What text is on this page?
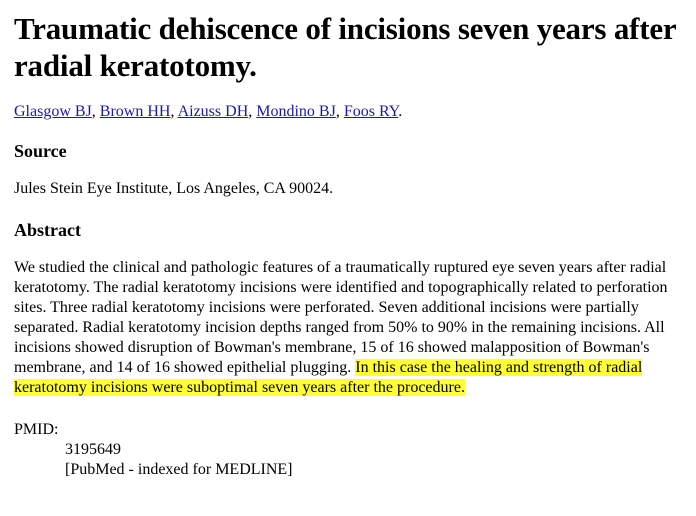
Traumatic dehiscence of incisions seven years after radial keratotomy.
Glasgow BJ, Brown HH, Aizuss DH, Mondino BJ, Foos RY.
Source
Jules Stein Eye Institute, Los Angeles, CA 90024.
Abstract
We studied the clinical and pathologic features of a traumatically ruptured eye seven years after radial keratotomy. The radial keratotomy incisions were identified and topographically related to perforation sites. Three radial keratotomy incisions were perforated. Seven additional incisions were partially separated. Radial keratotomy incision depths ranged from 50% to 90% in the remaining incisions. All incisions showed disruption of Bowman's membrane, 15 of 16 showed malapposition of Bowman's membrane, and 14 of 16 showed epithelial plugging. In this case the healing and strength of radial keratotomy incisions were suboptimal seven years after the procedure.
PMID:
3195649
[PubMed - indexed for MEDLINE]
